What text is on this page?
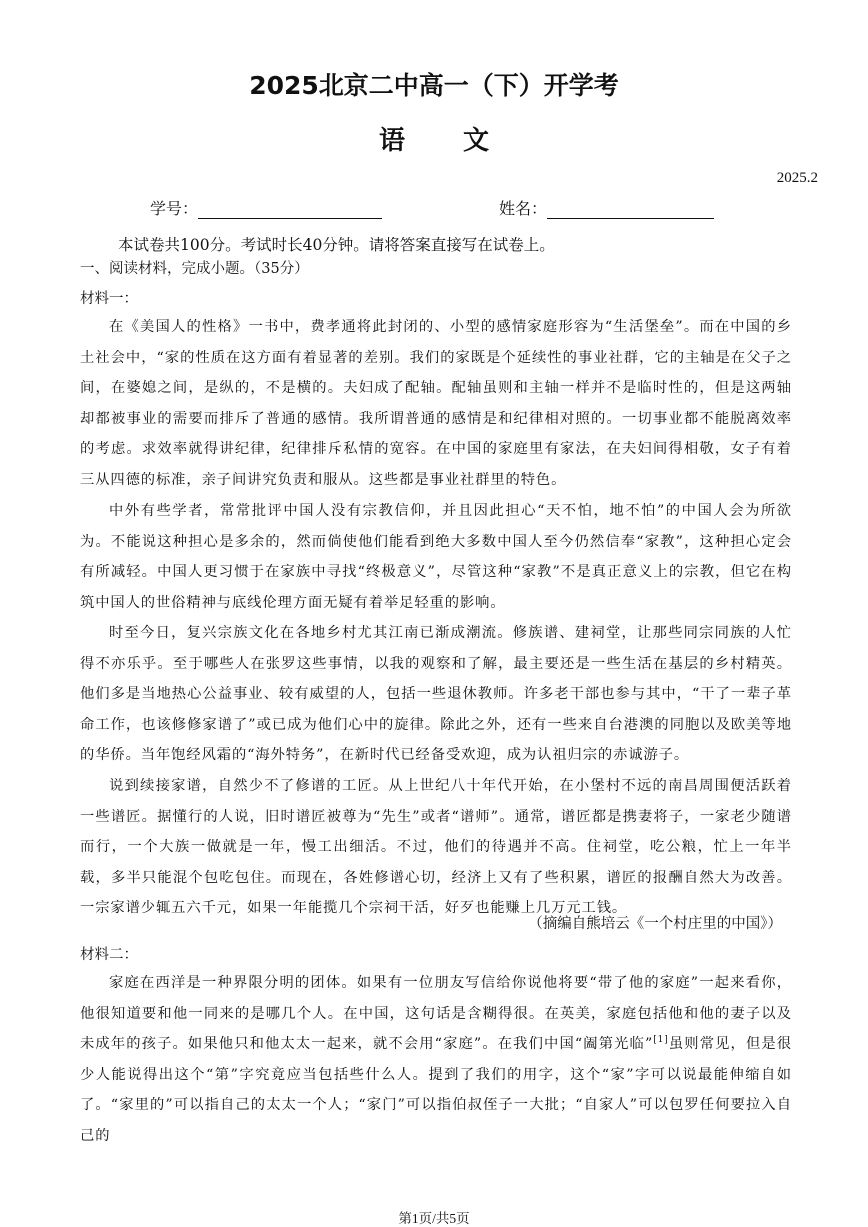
2025北京二中高一（下）开学考
语 文
2025.2
学号：	姓名：
本试卷共100分。考试时长40分钟。请将答案直接写在试卷上。
一、阅读材料，完成小题。（35分）
材料一：

在《美国人的性格》一书中，费孝通将此封闭的、小型的感情家庭形容为“生活堡垒”。而在中国的乡土社会中，“家的性质在这方面有着显著的差别。我们的家既是个延续性的事业社群，它的主轴是在父子之间，在婆媳之间，是纵的，不是横的。夫妇成了配轴。配轴虽则和主轴一样并不是临时性的，但是这两轴却都被事业的需要而排斥了普通的感情。我所谓普通的感情是和纪律相对照的。一切事业都不能脱离效率的考虑。求效率就得讲纪律，纪律排斥私情的宽容。在中国的家庭里有家法，在夫妇间得相敬，女子有着三从四德的标准，亲子间讲究负责和服从。这些都是事业社群里的特色。

中外有些学者，常常批评中国人没有宗教信仰，并且因此担心“天不怕，地不怕”的中国人会为所欲为。不能说这种担心是多余的，然而倘使他们能看到绝大多数中国人至今仍然信奉“家教”，这种担心定会有所减轻。中国人更习惯于在家族中寻找“终极意义”，尽管这种“家教”不是真正意义上的宗教，但它在构筑中国人的世俗精神与底线伦理方面无疑有着举足轻重的影响。

时至今日，复兴宗族文化在各地乡村尤其江南已渐成潮流。修族谱、建祠堂，让那些同宗同族的人忙得不亦乐乎。至于哪些人在张罗这些事情，以我的观察和了解，最主要还是一些生活在基层的乡村精英。他们多是当地热心公益事业、较有威望的人，包括一些退休教师。许多老干部也参与其中，“干了一辈子革命工作，也该修修家谱了”或已成为他们心中的旋律。除此之外，还有一些来自台港澳的同胞以及欧美等地的华侨。当年饱经风霜的“海外特务”，在新时代已经备受欢迎，成为认祖归宗的赤诚游子。

说到续接家谱，自然少不了修谱的工匠。从上世纪八十年代开始，在小堡村不远的南昌周围便活跃着一些谱匠。据懂行的人说，旧时谱匠被尊为“先生”或者“谱师”。通常，谱匠都是携妻将子，一家老少随谱而行，一个大族一做就是一年，慢工出细活。不过，他们的待遇并不高。住祠堂，吃公粮，忙上一年半载，多半只能混个包吃包住。而现在，各姓修谱心切，经济上又有了些积累，谱匠的报酬自然大为改善。一宗家谱少辄五六千元，如果一年能揽几个宗祠干活，好歹也能赚上几万元工钱。

（摘编自熊培云《一个村庄里的中国》）
材料二：

家庭在西洋是一种界限分明的团体。如果有一位朋友写信给你说他将要“带了他的家庭”一起来看你，他很知道要和他一同来的是哪几个人。在中国，这句话是含糊得很。在英美，家庭包括他和他的妻子以及未成年的孩子。如果他只和他太太一起来，就不会用“家庭”。在我们中国“阖第光临”[1]虽则常见，但是很少人能说得出这个“第”字究竟应当包括些什么人。提到了我们的用字，这个“家”字可以说最能伸缩自如了。“家里的”可以指自己的太太一个人；“家门”可以指伯叔侄子一大批；“自家人”可以包罗任何要拉入自己的

第1页/共5页
